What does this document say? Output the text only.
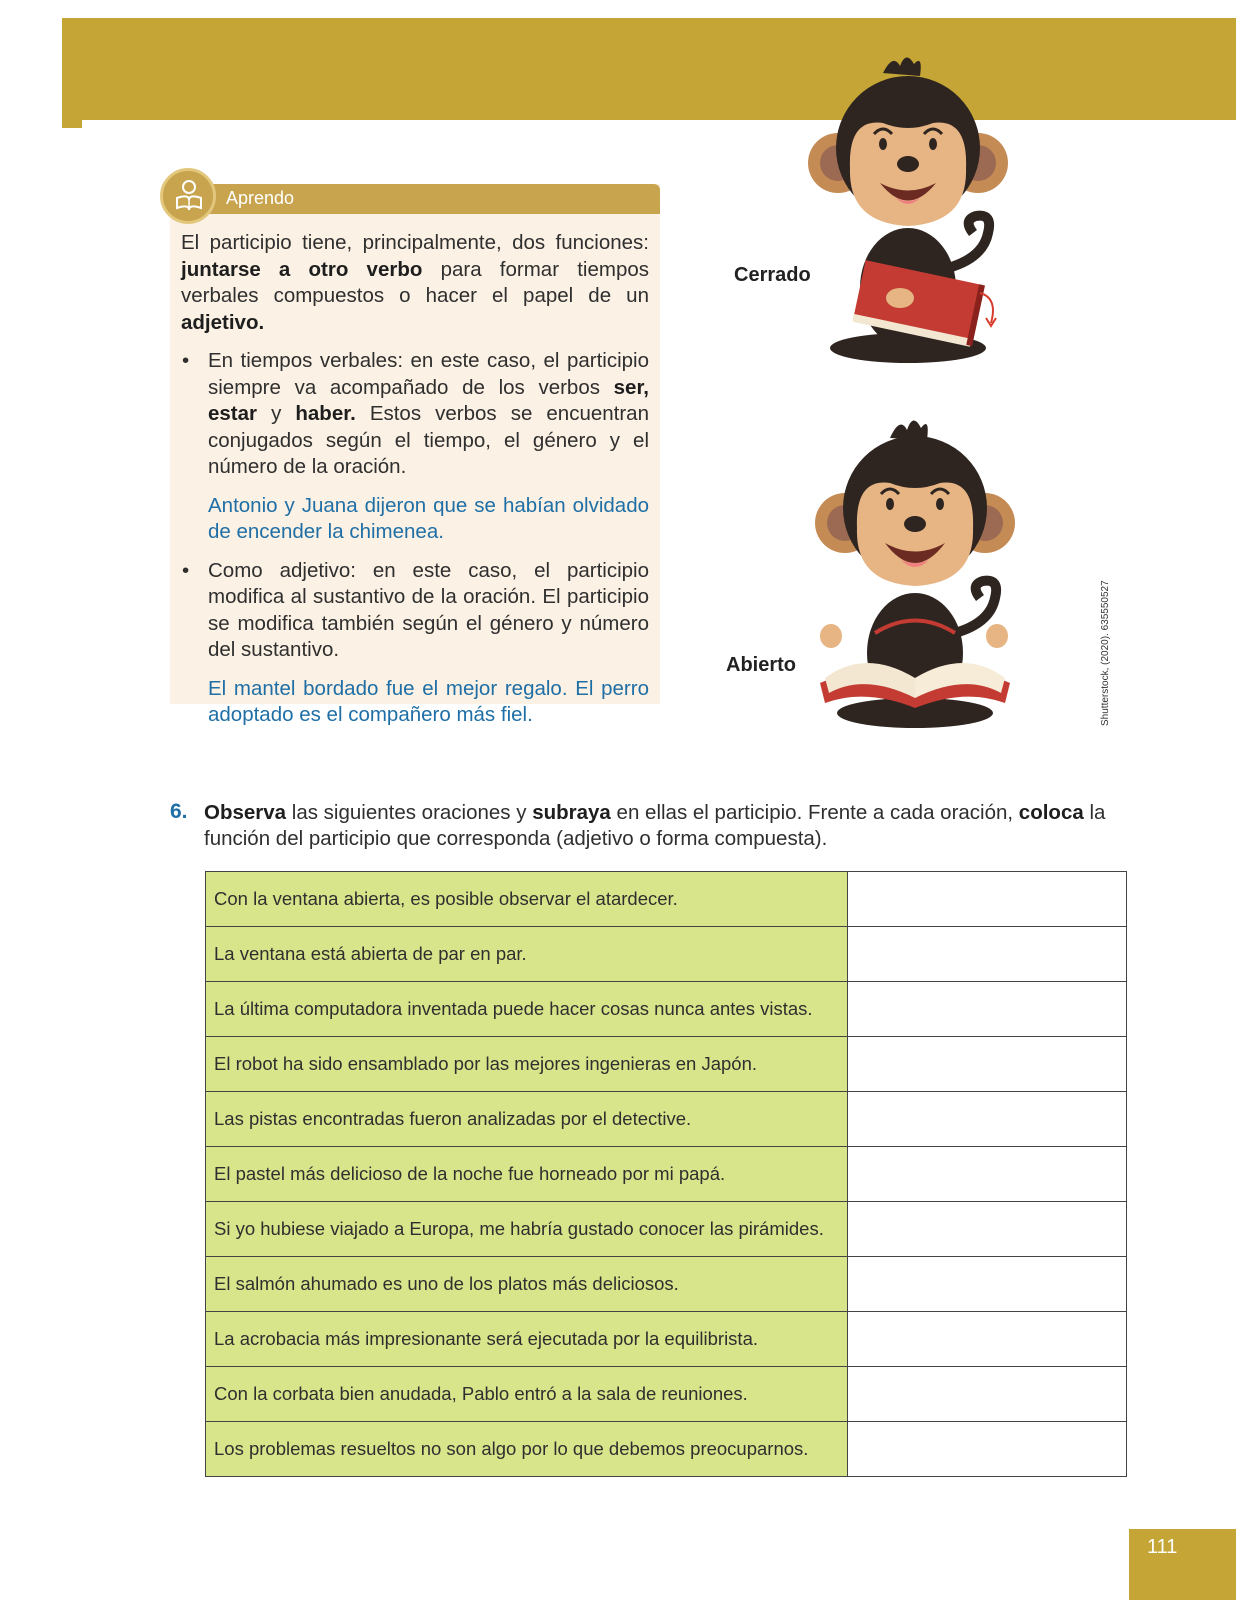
Aprendo

El participio tiene, principalmente, dos funciones: juntarse a otro verbo para formar tiempos verbales compuestos o hacer el papel de un adjetivo.

• En tiempos verbales: en este caso, el participio siempre va acompañado de los verbos ser, estar y haber. Estos verbos se encuentran conjugados según el tiempo, el género y el número de la oración.

Antonio y Juana dijeron que se habían olvidado de encender la chimenea.

• Como adjetivo: en este caso, el participio modifica al sustantivo de la oración. El participio se modifica también según el género y número del sustantivo.

El mantel bordado fue el mejor regalo. El perro adoptado es el compañero más fiel.

Cerrado
Abierto	Shutterstock, (2020). 635550527
6. Observa las siguientes oraciones y subraya en ellas el participio. Frente a cada oración, coloca la función del participio que corresponda (adjetivo o forma compuesta).
Con la ventana abierta, es posible observar el atardecer.
La ventana está abierta de par en par.
La última computadora inventada puede hacer cosas nunca antes vistas.
El robot ha sido ensamblado por las mejores ingenieras en Japón.
Las pistas encontradas fueron analizadas por el detective.
El pastel más delicioso de la noche fue horneado por mi papá.
Si yo hubiese viajado a Europa, me habría gustado conocer las pirámides.
El salmón ahumado es uno de los platos más deliciosos.
La acrobacia más impresionante será ejecutada por la equilibrista.
Con la corbata bien anudada, Pablo entró a la sala de reuniones.
Los problemas resueltos no son algo por lo que debemos preocuparnos.
111
